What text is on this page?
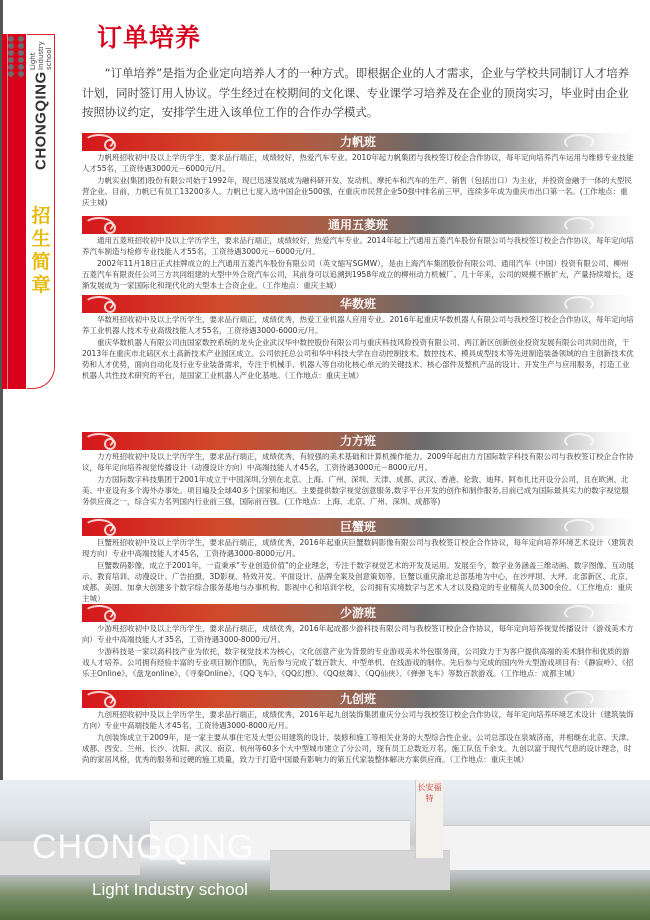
CHONGQING
Light Industry school
招生简章
订单培养

“订单培养”是指为企业定向培养人才的一种方式。即根据企业的人才需求，企业与学校共同制订人才培养计划，同时签订用人协议。学生经过在校期间的文化课、专业课学习培养及在企业的顶岗实习，毕业时由企业按照协议约定，安排学生进入该单位工作的合作办学模式。

力帆班

力帆班招收初中及以上学历学生，要求品行端正，成绩较好，热爱汽车专业。2010年起力帆集团与我校签订校企合作协议，每年定向培养汽车运用与维修专业技能人才55名，工资待遇3000元－6000元/月。

力帆实业(集团)股份有限公司始于1992年，现已迅速发展成为融科研开发、发动机、摩托车和汽车的生产、销售（包括出口）为主业，并投资金融于一体的大型民营企业。目前，力帆已有员工13200多人。力帆已七度入选中国企业500强，在重庆市民营企业50强中排名前三甲，连续多年成为重庆市出口第一名。(工作地点：重庆主城)

通用五菱班

通用五菱班招收初中及以上学历学生，要求品行端正，成绩较好，热爱汽车专业。2014年起上汽通用五菱汽车股份有限公司与我校签订校企合作协议，每年定向培养汽车制造与检修专业技能人才55名，工资待遇3000元－6000元/月。

2002年11月18日正式挂牌成立的上汽通用五菱汽车股份有限公司（英文缩写SGMW），是由上海汽车集团股份有限公司、通用汽车（中国）投资有限公司、柳州五菱汽车有限责任公司三方共同组建的大型中外合资汽车公司，其前身可以追溯到1958年成立的柳州动力机械厂。几十年来，公司的规模不断扩大，产量持续增长，逐渐发展成为一家国际化和现代化的大型本土合资企业。（工作地点：重庆主城）

华数班

华数班招收初中及以上学历学生，要求品行端正，成绩优秀，热爱工业机器人应用专业。2016年起重庆华数机器人有限公司与我校签订校企合作协议，每年定向培养工业机器人技术专业高级技能人才55名，工资待遇3000-6000元/月。

重庆华数机器人有限公司由国家数控系统的龙头企业武汉华中数控股份有限公司与重庆科技风险投资有限公司、两江新区创新创业投资发展有限公司共同出资，于2013年在重庆市北碚区水土高新技术产业园区成立。公司依托总公司和华中科技大学在自动控制技术、数控技术、模具成型技术等先进制造装备领域的自主创新技术优势和人才优势，面向自动化及行业专业装备需求，专注于机械手、机器人等自动化核心单元的关键技术、核心部件及整机产品的设计、开发生产与应用服务，打造工业机器人共性技术研究的平台，是国家工业机器人产业化基地。（工作地点：重庆主城）

力方班

力方班招收初中及以上学历学生，要求品行端正，成绩优秀，有较强的美术基础和计算机操作能力。2009年起由力方国际数字科技有限公司与我校签订校企合作协议，每年定向培养视觉传播设计（动漫设计方向）中高端技能人才45名，工资待遇3000元－8000元/月。

力方国际数字科技集团于2001年成立于中国深圳,分别在北京、上海、广州、深圳、天津、成都、武汉、香港、伦敦、迪拜、阿布扎比开设分公司，且在欧洲、北美、中亚设有多个海外办事处。项目遍及全球40多个国家和地区。主要提供数字视觉创意服务,数字平台开发的创作和制作服务,目前已成为国际最具实力的数字视觉服务供应商之一，综合实力名列国内行业前三强，国际前百强。(工作地点：上海、北京、广州、深圳、成都等)

巨蟹班

巨蟹班招收初中及以上学历学生，要求品行端正，成绩优秀，2016年起重庆巨蟹数码影像有限公司与我校签订校企合作协议，每年定向培养环境艺术设计（建筑表现方向）专业中高端技能人才45名，工资待遇3000-8000元/月。

巨蟹数码影像，成立于2001年，一直秉承“专业创造价值”的企业理念，专注于数字视觉艺术的开发及运用。发展至今，数字业务涵盖三维动画、数字图像、互动展示、教育培训、动漫设计、广告拍摄、3D影视、特效开发、平面设计、品牌全案及创意策划等。巨蟹以重庆渝北总部基地为中心，在沙坪坝、大坪、北部新区、北京、成都、美国、加拿大创建多个数字综合服务基地与办事机构、影视中心和培训学校，公司拥有实境数字与艺术人才以及稳定的专业精英人员300余位。（工作地点：重庆主城）

少游班

少游班招收初中及以上学历学生，要求品行端正，成绩优秀，2016年起成都少游科技有限公司与我校签订校企合作协议，每年定向培养视觉传播设计（游戏美术方向）专业中高端技能人才35名，工资待遇3000-8000元/月。

少游科技是一家以高科技产业为依托，数字视觉技术为核心，文化创意产业为背景的专业游戏美术外包服务商，公司致力于为客户提供高端的美术制作和优质的游戏人才培养。公司拥有经验丰富的专业项目制作团队，先后参与完成了数百款大、中型单机、在线游戏的制作。先后参与完成的国内外大型游戏项目有：《静寂岭》、《招乐王Online》、《盘龙online》、《寻秦Online》、《QQ飞车》、《QQ幻想》、《QQ炫舞》、《QQ仙侠》、《弹弹飞车》等数百款游戏。（工作地点：成都主城）

九创班

九创班招收初中及以上学历学生，要求品行端正，成绩优秀，2016年起九创装饰集团重庆分公司与我校签订校企合作协议，每年定向培养环境艺术设计（建筑装饰方向）专业中高端技能人才45名，工资待遇3000-8000元/月。

九创装饰成立于2009年，是一家主要从事住宅及大型公用建筑的设计、装修和施工等相关业务的大型综合性企业。公司总部设在泉城济南，并相继在北京、天津、成都、西安、兰州、长沙、沈阳、武汉、南京、杭州等60多个大中型城市建立了分公司，现有员工总数近万名，施工队伍千余支。九创以富于现代气息的设计理念，时尚的家居风格，优秀的服务和过硬的施工质量，致力于打造中国最有影响力的第五代家装整体解决方案供应商。（工作地点：重庆主城）

长安福特
CHONGQING
Light Industry school
